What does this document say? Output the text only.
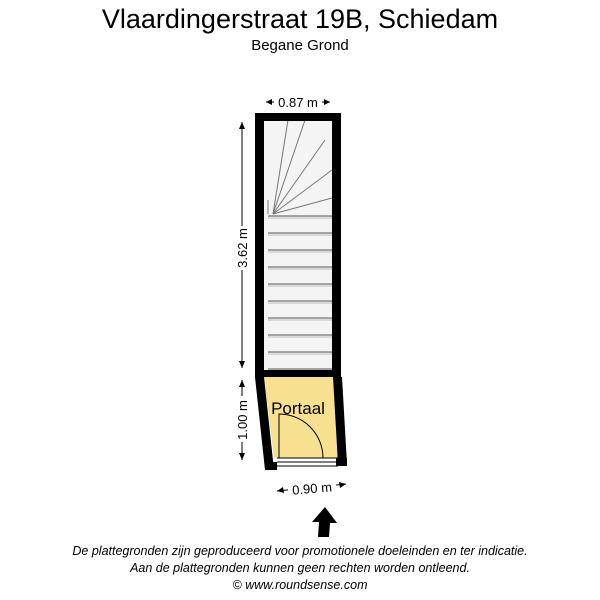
Vlaardingerstraat 19B, Schiedam
Begane Grond
Portaal
0.87 m
3.62 m
1.00 m
0.90 m
De plattegronden zijn geproduceerd voor promotionele doeleinden en ter indicatie.
Aan de plattegronden kunnen geen rechten worden ontleend.
© www.roundsense.com
